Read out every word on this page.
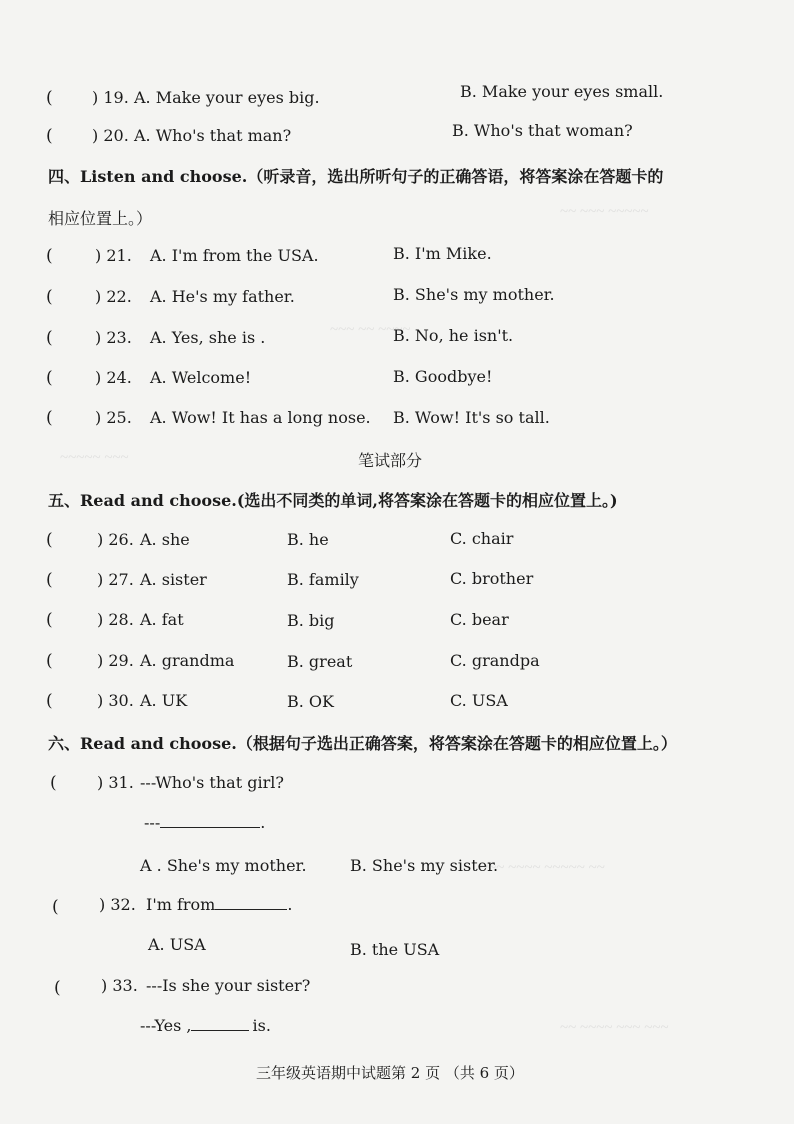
~~ ~~~ ~~~~~
~~~ ~~ ~~~~
~~~~~ ~~~
~~~ ~~~~ ~~~~~ ~~
~~ ~~~~ ~~~ ~~~
( ) 19. A. Make your eyes big.	B. Make your eyes small.
( ) 20. A. Who's that man?	B. Who's that woman?
四、Listen and choose.（听录音，选出所听句子的正确答语，将答案涂在答题卡的
相应位置上。）
(	) 21. A. I'm from the USA.	B. I'm Mike.
(	) 22. A. He's my father.	B. She's my mother.
(	) 23. A. Yes, she is .	B. No, he isn't.
(	) 24. A. Welcome!	B. Goodbye!
(	) 25. A. Wow! It has a long nose. B. Wow! It's so tall.
笔试部分
五、Read and choose.(选出不同类的单词,将答案涂在答题卡的相应位置上。)
(	) 26. A. she	B. he	C. chair
(	) 27. A. sister	B. family	C. brother
(	) 28. A. fat	B. big	C. bear
(	) 29. A. grandma	B. great	C. grandpa
(	) 30. A. UK	B. OK	C. USA
六、Read and choose.（根据句子选出正确答案，将答案涂在答题卡的相应位置上。）
(	) 31. ---Who's that girl?
---	.
A . She's my mother.	B. She's my sister.
(	) 32. I'm from	.
A. USA	B. the USA
(	) 33. ---Is she your sister?
---Yes ,	is.
三年级英语期中试题第 2 页 （共 6 页）
